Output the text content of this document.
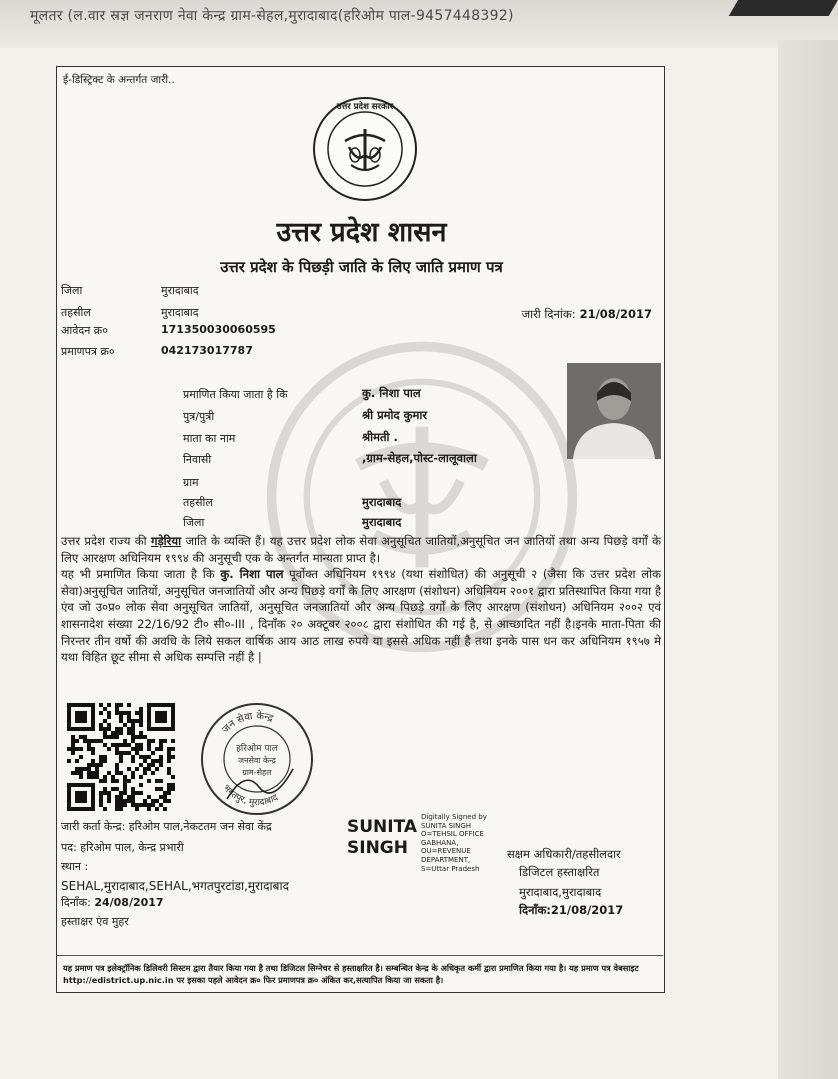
मूलतर (ल.वार स्रज्ञ जनराण नेवा केन्द्र ग्राम-सेहल,मुरादाबाद(हरिओम पाल-9457448392)
ई-डिस्ट्रिक्ट के अन्तर्गत जारी..
उत्तर प्रदेश सरकार
उत्तर प्रदेश शासन
उत्तर प्रदेश के पिछड़ी जाति के लिए जाति प्रमाण पत्र
जिला	मुरादाबाद
तहसील	मुरादाबाद
आवेदन क्र०	171350030060595
प्रमाणपत्र क्र०	042173017787
जारी दिनांक: 21/08/2017
प्रमाणित किया जाता है कि	कु. निशा पाल
पुत्र/पुत्री	श्री प्रमोद कुमार
माता का नाम	श्रीमती .
निवासी	,ग्राम-सेहल,पोस्ट-लालूवाला
ग्राम
तहसील	मुरादाबाद
जिला	मुरादाबाद

उत्तर प्रदेश राज्य की गड़ेरिया जाति के व्यक्ति हैं। यह उत्तर प्रदेश लोक सेवा अनुसूचित जातियों,अनुसूचित जन जातियों तथा अन्य पिछड़े वर्गों के लिए आरक्षण अधिनियम १९९४ की अनुसूची एक के अन्तर्गत मान्यता प्राप्त है।

यह भी प्रमाणित किया जाता है कि कु. निशा पाल पूर्वोक्त अधिनियम १९९४ (यथा संशोधित) की अनुसूची २ (जैसा कि उत्तर प्रदेश लोक सेवा)अनुसूचित जातियों, अनुसूचित जनजातियों और अन्य पिछड़े वर्गों के लिए आरक्षण (संशोधन) अधिनियम २००१ द्वारा प्रतिस्थापित किया गया है एंव जो उ०प्र० लोक सेवा अनुसूचित जातियों, अनुसूचित जनजातियों और अन्य पिछड़े वर्गों के लिए आरक्षण (संशोधन) अधिनियम २००२ एवं शासनादेश संख्या 22/16/92 टी० सी०-III , दिनाँक २० अक्टूबर २००८ द्वारा संशोधित की गई है, से आच्छादित नहीं है।इनके माता-पिता की निरन्तर तीन वर्षो की अवधि के लिये सकल वार्षिक आय आठ लाख रुपये या इससे अधिक नहीं है तथा इनके पास धन कर अधिनियम १९५७ मे यथा विहित छूट सीमा से अधिक सम्पत्ति नहीं है |

जन सेवा केन्द्र
भगतपुर, मुरादाबाद
हरिओम पाल
जनसेवा केन्द्र
ग्राम-सेहल
जारी कर्ता केन्द्र: हरिओम पाल,नेकटतम जन सेवा केंद्र
पद: हरिओम पाल, केन्द्र प्रभारी
स्थान :
SEHAL,मुरादाबाद,SEHAL,भगतपुरटांडा,मुरादाबाद
दिनाँक: 24/08/2017
हस्ताक्षर एंव मुहर
SUNITA
SINGH
Digitally Signed by
SUNITA SINGH
O=TEHSIL OFFICE
GABHANA,
OU=REVENUE
DEPARTMENT,
S=Uttar Pradesh
सक्षम अधिकारी/तहसीलदार
डिजिटल हस्ताक्षरित
मुरादाबाद,मुरादाबाद
दिनाँक:21/08/2017
यह प्रमाण पत्र इलेक्ट्रॉनिक डिलिवरी सिस्टम द्वारा तैयार किया गया है तथा डिजिटल सिग्नेचर से हस्ताक्षरित है। सम्बन्धित केन्द्र के अधिकृत कर्मी द्वारा प्रमाणित किया गया है। यह प्रमाण पत्र वेबसाइट http://edistrict.up.nic.in पर इसका पहले आवेदन क्र० फिर प्रमाणपत्र क्र० अंकित कर,सत्यापित किया जा सकता है।
